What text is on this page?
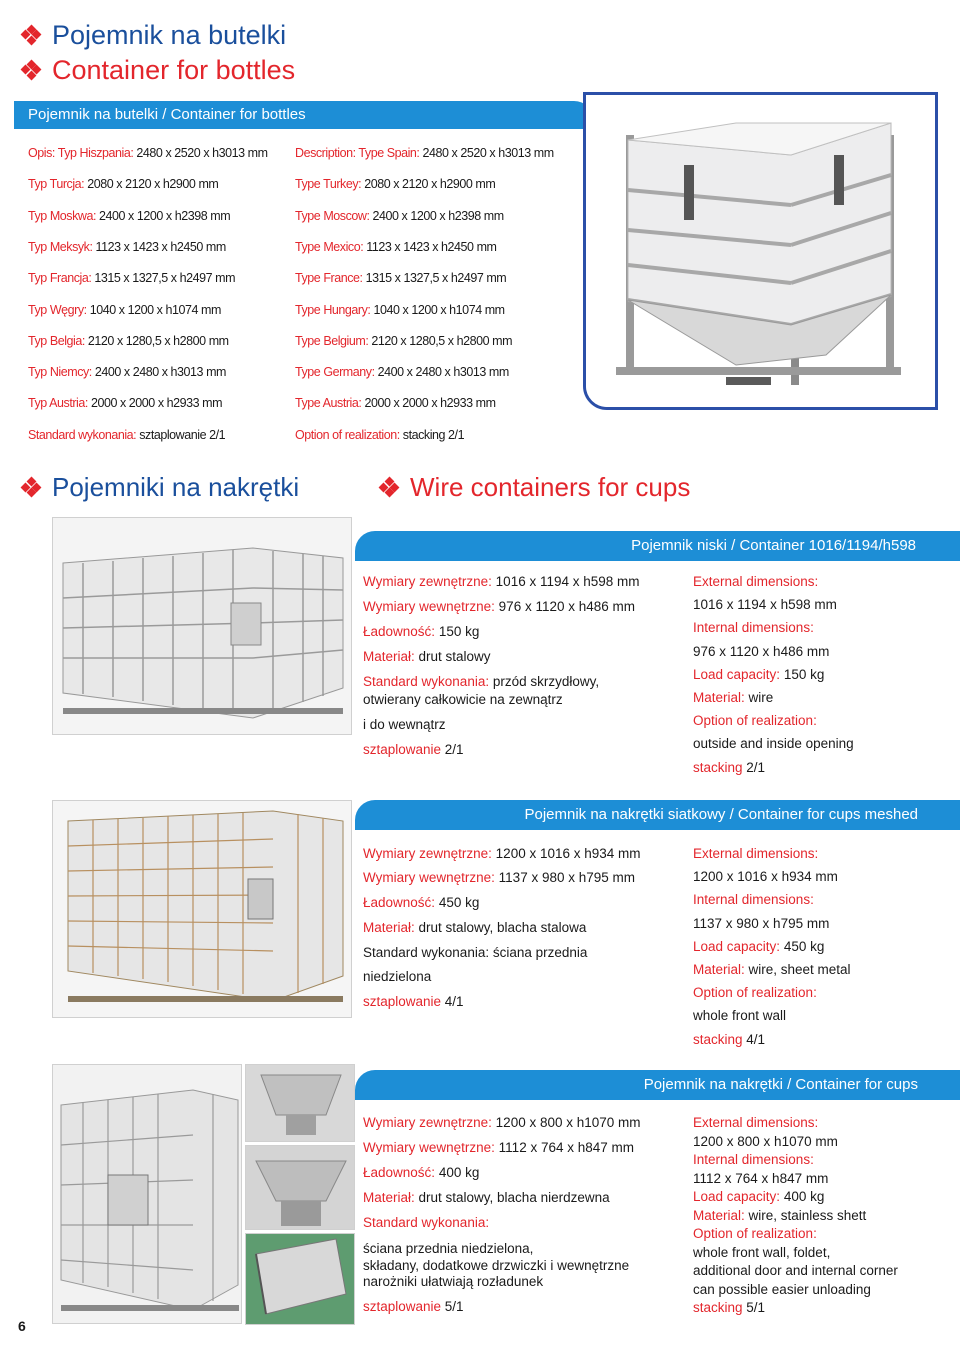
Pojemnik na butelki
Container for bottles
Pojemnik na butelki / Container for bottles
Opis: Typ Hiszpania: 2480 x 2520 x h3013 mm
Typ Turcja: 2080 x 2120 x h2900 mm
Typ Moskwa: 2400 x 1200 x h2398 mm
Typ Meksyk: 1123 x 1423 x h2450 mm
Typ Francja: 1315 x 1327,5 x h2497 mm
Typ Węgry: 1040 x 1200 x h1074 mm
Typ Belgia: 2120 x 1280,5 x h2800 mm
Typ Niemcy: 2400 x 2480 x h3013 mm
Typ Austria: 2000 x 2000 x h2933 mm
Standard wykonania: sztaplowanie 2/1
Description: Type Spain: 2480 x 2520 x h3013 mm
Type Turkey: 2080 x 2120 x h2900 mm
Type Moscow: 2400 x 1200 x h2398 mm
Type Mexico: 1123 x 1423 x h2450 mm
Type France: 1315 x 1327,5 x h2497 mm
Type Hungary: 1040 x 1200 x h1074 mm
Type Belgium: 2120 x 1280,5 x h2800 mm
Type Germany: 2400 x 2480 x h3013 mm
Type Austria: 2000 x 2000 x h2933 mm
Option of realization: stacking 2/1
Pojemniki na nakrętki	Wire containers for cups
Pojemnik niski / Container 1016/1194/h598
Wymiary zewnętrzne: 1016 x 1194 x h598 mm
Wymiary wewnętrzne: 976 x 1120 x h486 mm
Ładowność: 150 kg
Materiał: drut stalowy
Standard wykonania: przód skrzydłowy,
otwierany całkowicie na zewnątrz
i do wewnątrz
sztaplowanie 2/1
External dimensions:
1016 x 1194 x h598 mm
Internal dimensions:
976 x 1120 x h486 mm
Load capacity: 150 kg
Material: wire
Option of realization:
outside and inside opening
stacking 2/1
Pojemnik na nakrętki siatkowy / Container for cups meshed
Wymiary zewnętrzne: 1200 x 1016 x h934 mm
Wymiary wewnętrzne: 1137 x 980 x h795 mm
Ładowność: 450 kg
Materiał: drut stalowy, blacha stalowa
Standard wykonania: ściana przednia
niedzielona
sztaplowanie 4/1
External dimensions:
1200 x 1016 x h934 mm
Internal dimensions:
1137 x 980 x h795 mm
Load capacity: 450 kg
Material: wire, sheet metal
Option of realization:
whole front wall
stacking 4/1
Pojemnik na nakrętki / Container for cups
Wymiary zewnętrzne: 1200 x 800 x h1070 mm
Wymiary wewnętrzne: 1112 x 764 x h847 mm
Ładowność: 400 kg
Materiał: drut stalowy, blacha nierdzewna
Standard wykonania:
ściana przednia niedzielona,
składany, dodatkowe drzwiczki i wewnętrzne
narożniki ułatwiają rozładunek
sztaplowanie 5/1
External dimensions:
1200 x 800 x h1070 mm
Internal dimensions:
1112 x 764 x h847 mm
Load capacity: 400 kg
Material: wire, stainless shett
Option of realization:
whole front wall, foldet,
additional door and internal corner
can possible easier unloading
stacking 5/1
6
